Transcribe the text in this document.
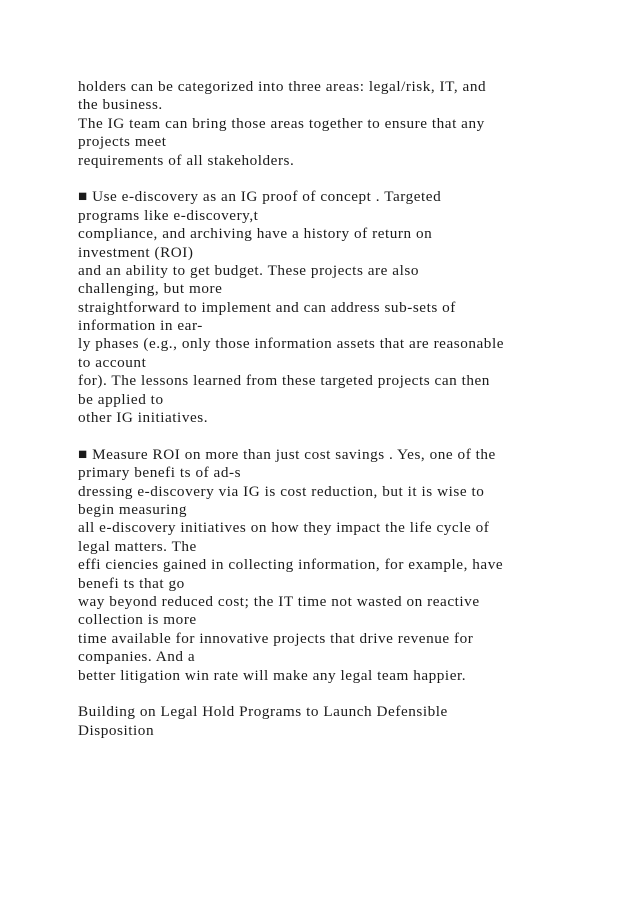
holders can be categorized into three areas: legal/risk, IT, and
the business.
The IG team can bring those areas together to ensure that any
projects meet
requirements of all stakeholders.
■ Use e-discovery as an IG proof of concept . Targeted
programs like e-discovery,t
compliance, and archiving have a history of return on
investment (ROI)
and an ability to get budget. These projects are also
challenging, but more
straightforward to implement and can address sub-sets of
information in ear-
ly phases (e.g., only those information assets that are reasonable
to account
for). The lessons learned from these targeted projects can then
be applied to
other IG initiatives.
■ Measure ROI on more than just cost savings . Yes, one of the
primary benefi ts of ad-s
dressing e-discovery via IG is cost reduction, but it is wise to
begin measuring
all e-discovery initiatives on how they impact the life cycle of
legal matters. The
effi ciencies gained in collecting information, for example, have
benefi ts that go
way beyond reduced cost; the IT time not wasted on reactive
collection is more
time available for innovative projects that drive revenue for
companies. And a
better litigation win rate will make any legal team happier.
Building on Legal Hold Programs to Launch Defensible
Disposition
